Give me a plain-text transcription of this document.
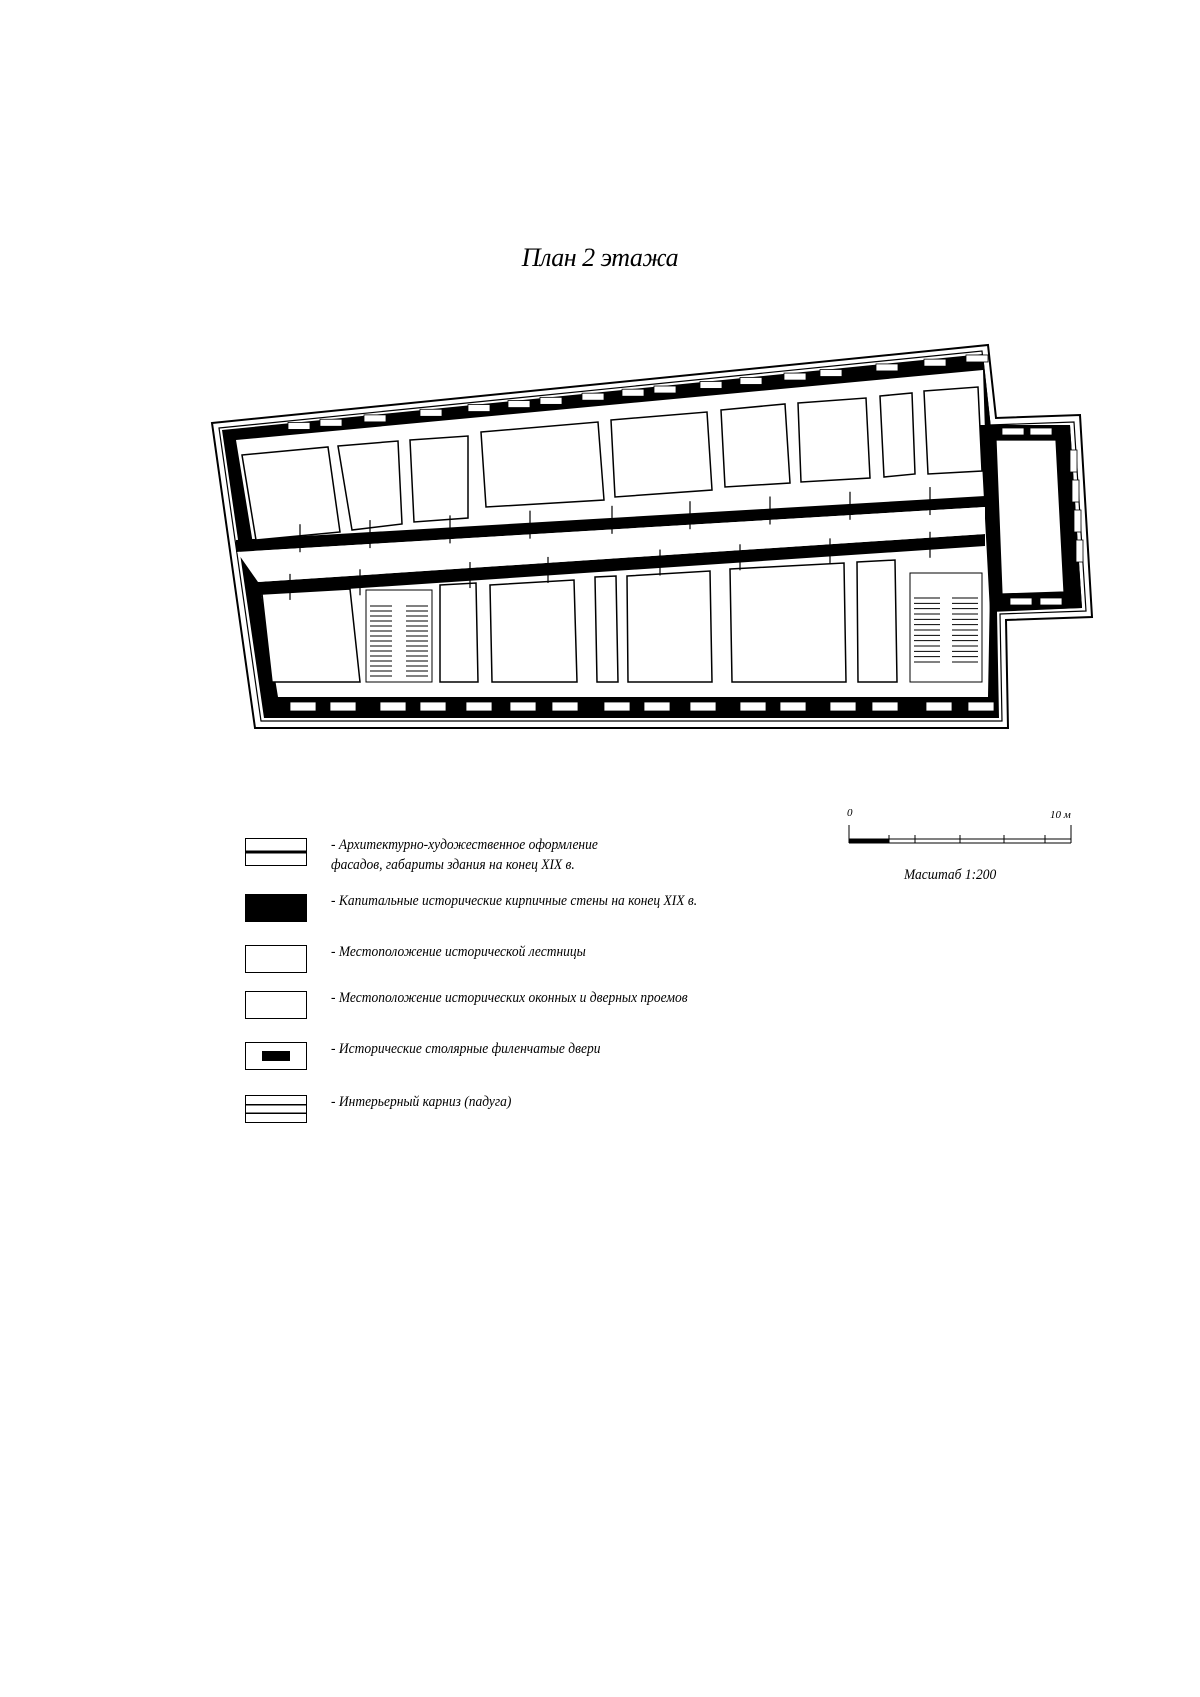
План 2 этажа
- Архитектурно-художественное оформление
фасадов, габариты здания на конец XIX в.
- Капитальные исторические кирпичные стены на конец XIX в.
- Местоположение исторической лестницы
- Местоположение исторических оконных и дверных проемов
- Исторические столярные филенчатые двери
- Интерьерный карниз (падуга)
0	10 м
Масштаб 1:200
